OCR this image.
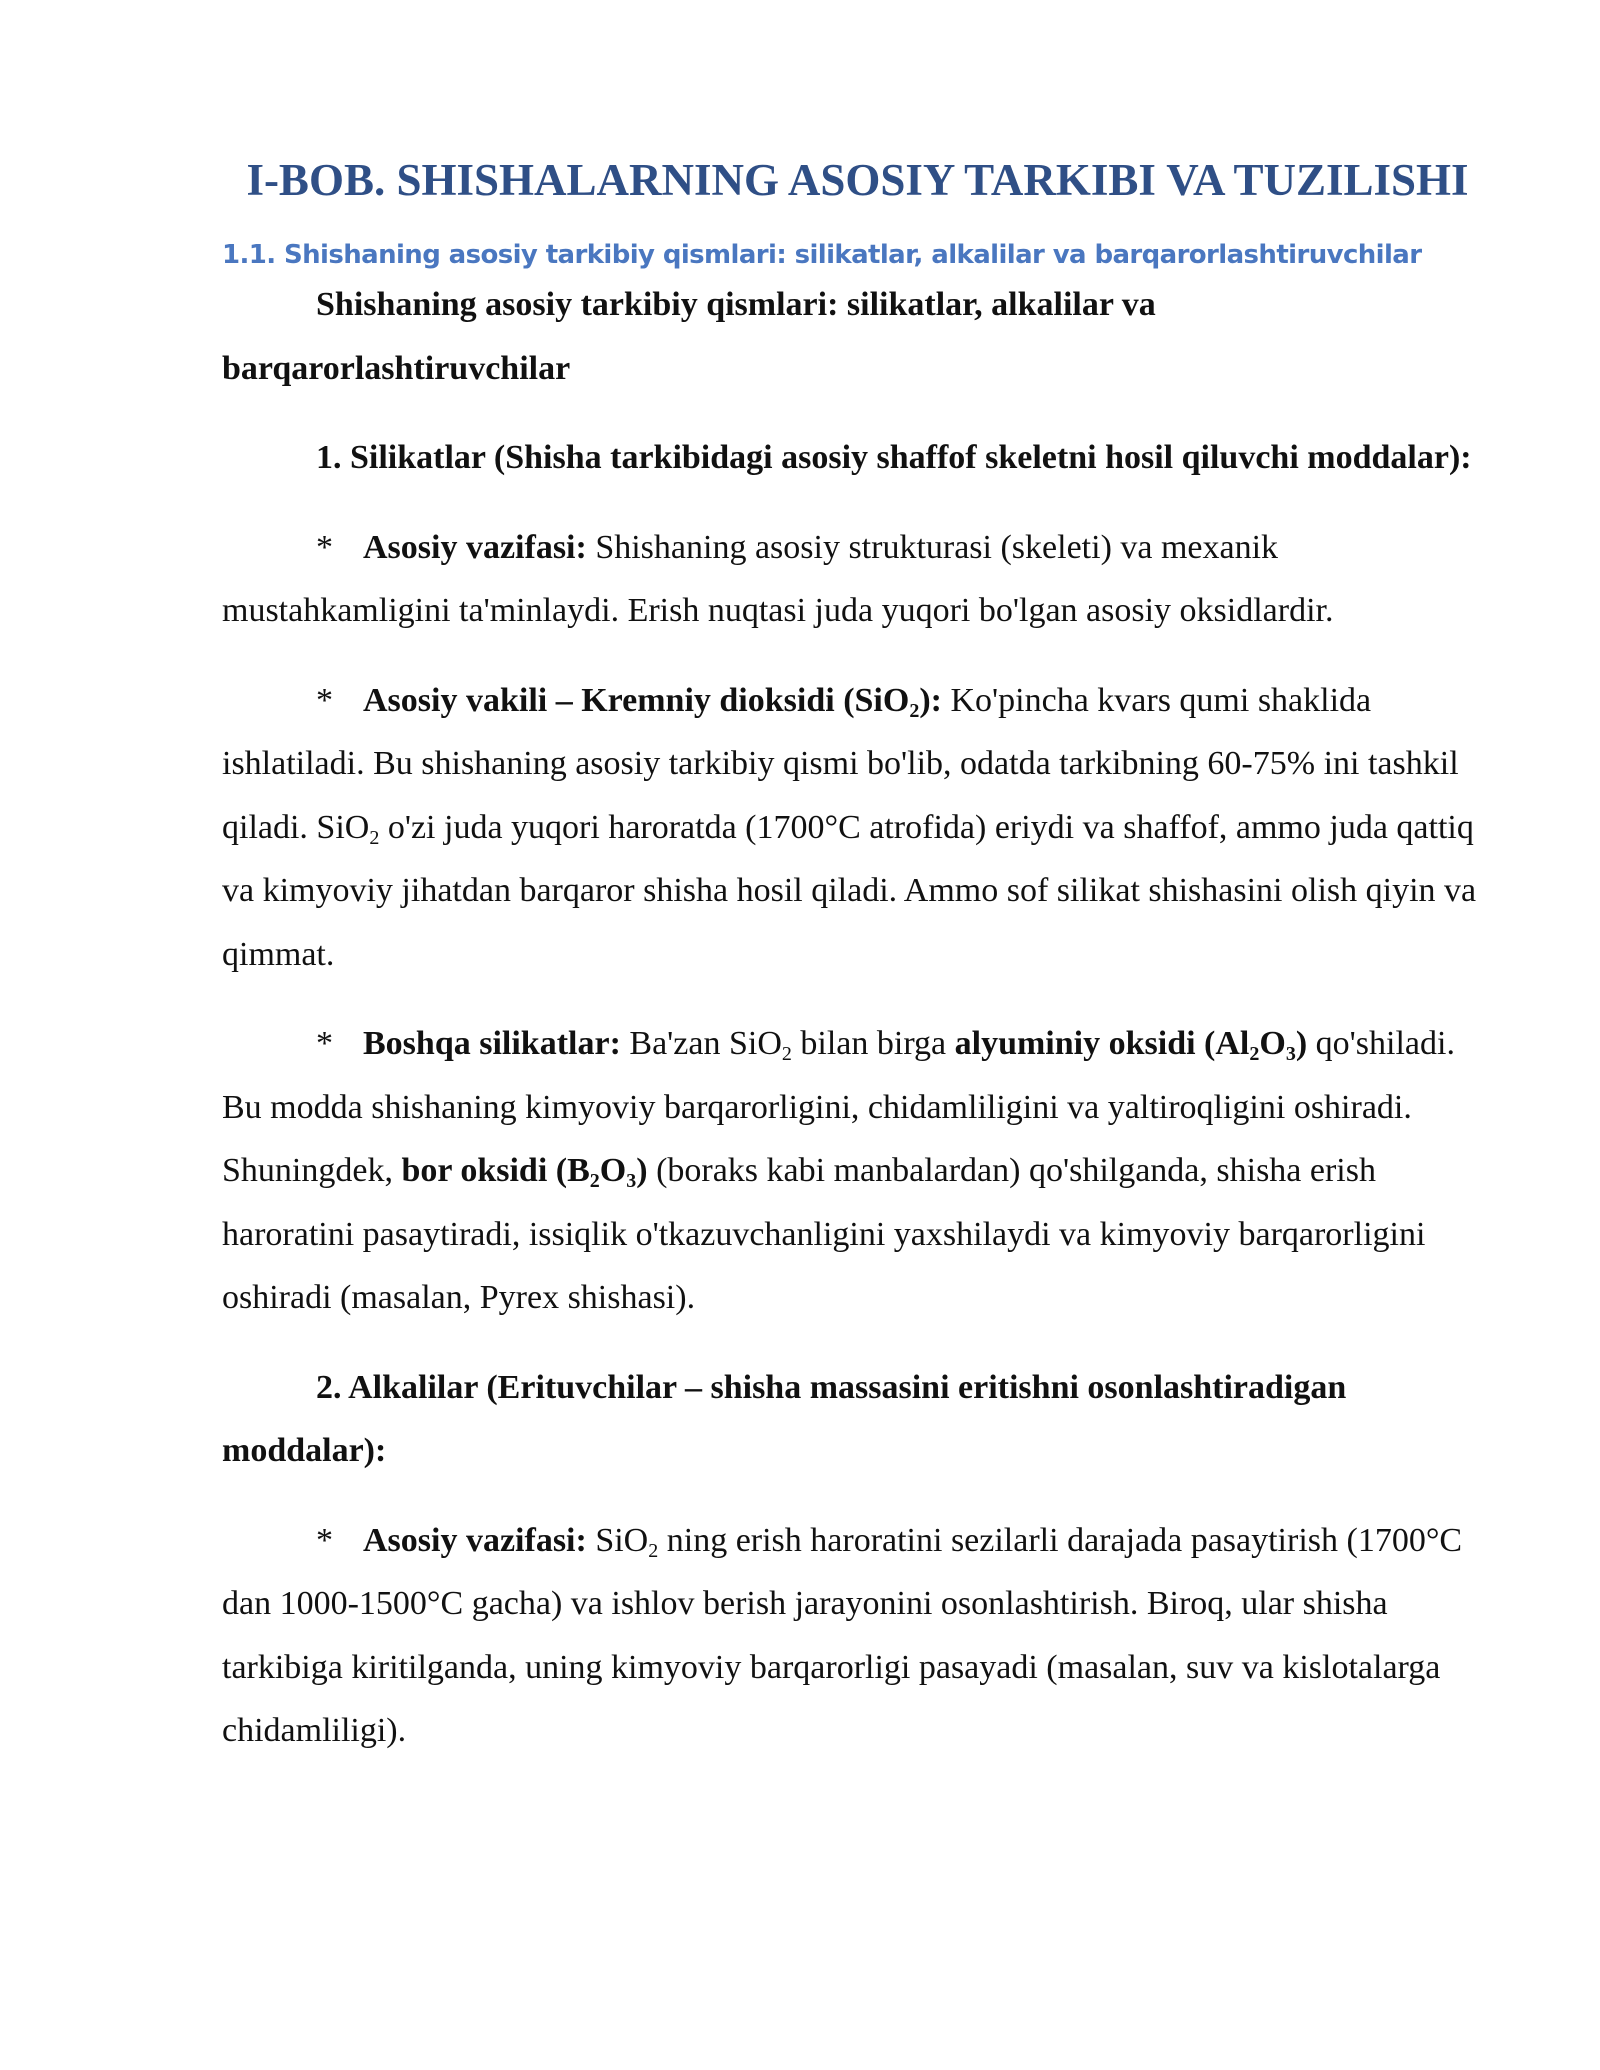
I-BOB. SHISHALARNING ASOSIY TARKIBI VA TUZILISHI
1.1. Shishaning asosiy tarkibiy qismlari: silikatlar, alkalilar va barqarorlashtiruvchilar

Shishaning asosiy tarkibiy qismlari: silikatlar, alkalilar va barqarorlashtiruvchilar

1. Silikatlar (Shisha tarkibidagi asosiy shaffof skeletni hosil qiluvchi moddalar):

* Asosiy vazifasi: Shishaning asosiy strukturasi (skeleti) va mexanik mustahkamligini ta'minlaydi. Erish nuqtasi juda yuqori bo'lgan asosiy oksidlardir.

* Asosiy vakili – Kremniy dioksidi (SiO$_2$): Ko'pincha kvars qumi shaklida ishlatiladi. Bu shishaning asosiy tarkibiy qismi bo'lib, odatda tarkibning 60-75% ini tashkil qiladi. SiO$_2$ o'zi juda yuqori haroratda (1700°C atrofida) eriydi va shaffof, ammo juda qattiq va kimyoviy jihatdan barqaror shisha hosil qiladi. Ammo sof silikat shishasini olish qiyin va qimmat.

* Boshqa silikatlar: Ba'zan SiO$_2$ bilan birga alyuminiy oksidi $(Al_2O_3)$ qo'shiladi. Bu modda shishaning kimyoviy barqarorligini, chidamliligini va yaltiroqligini oshiradi. Shuningdek, bor oksidi $(B_2O_3)$ (boraks kabi manbalardan) qo'shilganda, shisha erish haroratini pasaytiradi, issiqlik o'tkazuvchanligini yaxshilaydi va kimyoviy barqarorligini oshiradi (masalan, Pyrex shishasi).

2. Alkalilar (Erituvchilar – shisha massasini eritishni osonlashtiradigan moddalar):

* Asosiy vazifasi: SiO$_2$ ning erish haroratini sezilarli darajada pasaytirish (1700°C dan 1000-1500°C gacha) va ishlov berish jarayonini osonlashtirish. Biroq, ular shisha tarkibiga kiritilganda, uning kimyoviy barqarorligi pasayadi (masalan, suv va kislotalarga chidamliligi).
